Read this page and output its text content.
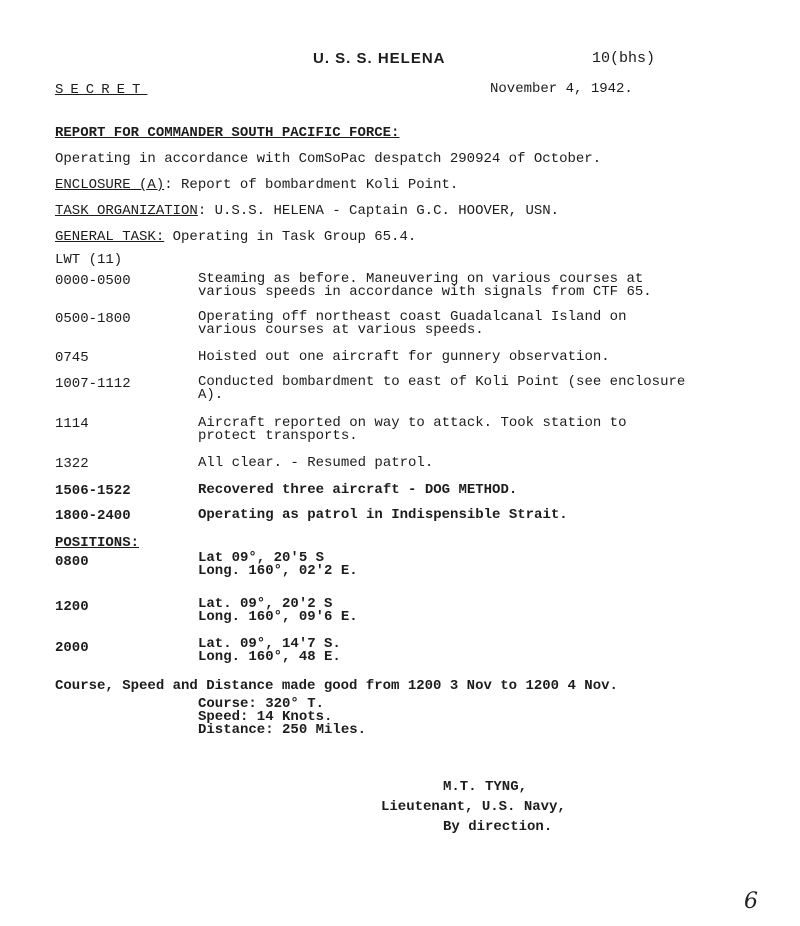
U. S. S. HELENA	10(bhs)
SECRET	November 4, 1942.
REPORT FOR COMMANDER SOUTH PACIFIC FORCE:
Operating in accordance with ComSoPac despatch 290924 of October.
ENCLOSURE (A): Report of bombardment Koli Point.
TASK ORGANIZATION: U.S.S. HELENA - Captain G.C. HOOVER, USN.
GENERAL TASK: Operating in Task Group 65.4.
LWT (11)
0000-0500	Steaming as before. Maneuvering on various courses at
various speeds in accordance with signals from CTF 65.
0500-1800	Operating off northeast coast Guadalcanal Island on
various courses at various speeds.
0745	Hoisted out one aircraft for gunnery observation.
1007-1112	Conducted bombardment to east of Koli Point (see enclosure
A).
1114	Aircraft reported on way to attack. Took station to
protect transports.
1322	All clear. - Resumed patrol.
1506-1522	Recovered three aircraft - DOG METHOD.
1800-2400	Operating as patrol in Indispensible Strait.
POSITIONS:
0800	Lat 09°, 20'5 S
Long. 160°, 02'2 E.
1200	Lat. 09°, 20'2 S
Long. 160°, 09'6 E.
2000	Lat. 09°, 14'7 S.
Long. 160°, 48 E.
Course, Speed and Distance made good from 1200 3 Nov to 1200 4 Nov.
Course: 320° T.
Speed: 14 Knots.
Distance: 250 Miles.
M.T. TYNG,
Lieutenant, U.S. Navy,
By direction.
6
